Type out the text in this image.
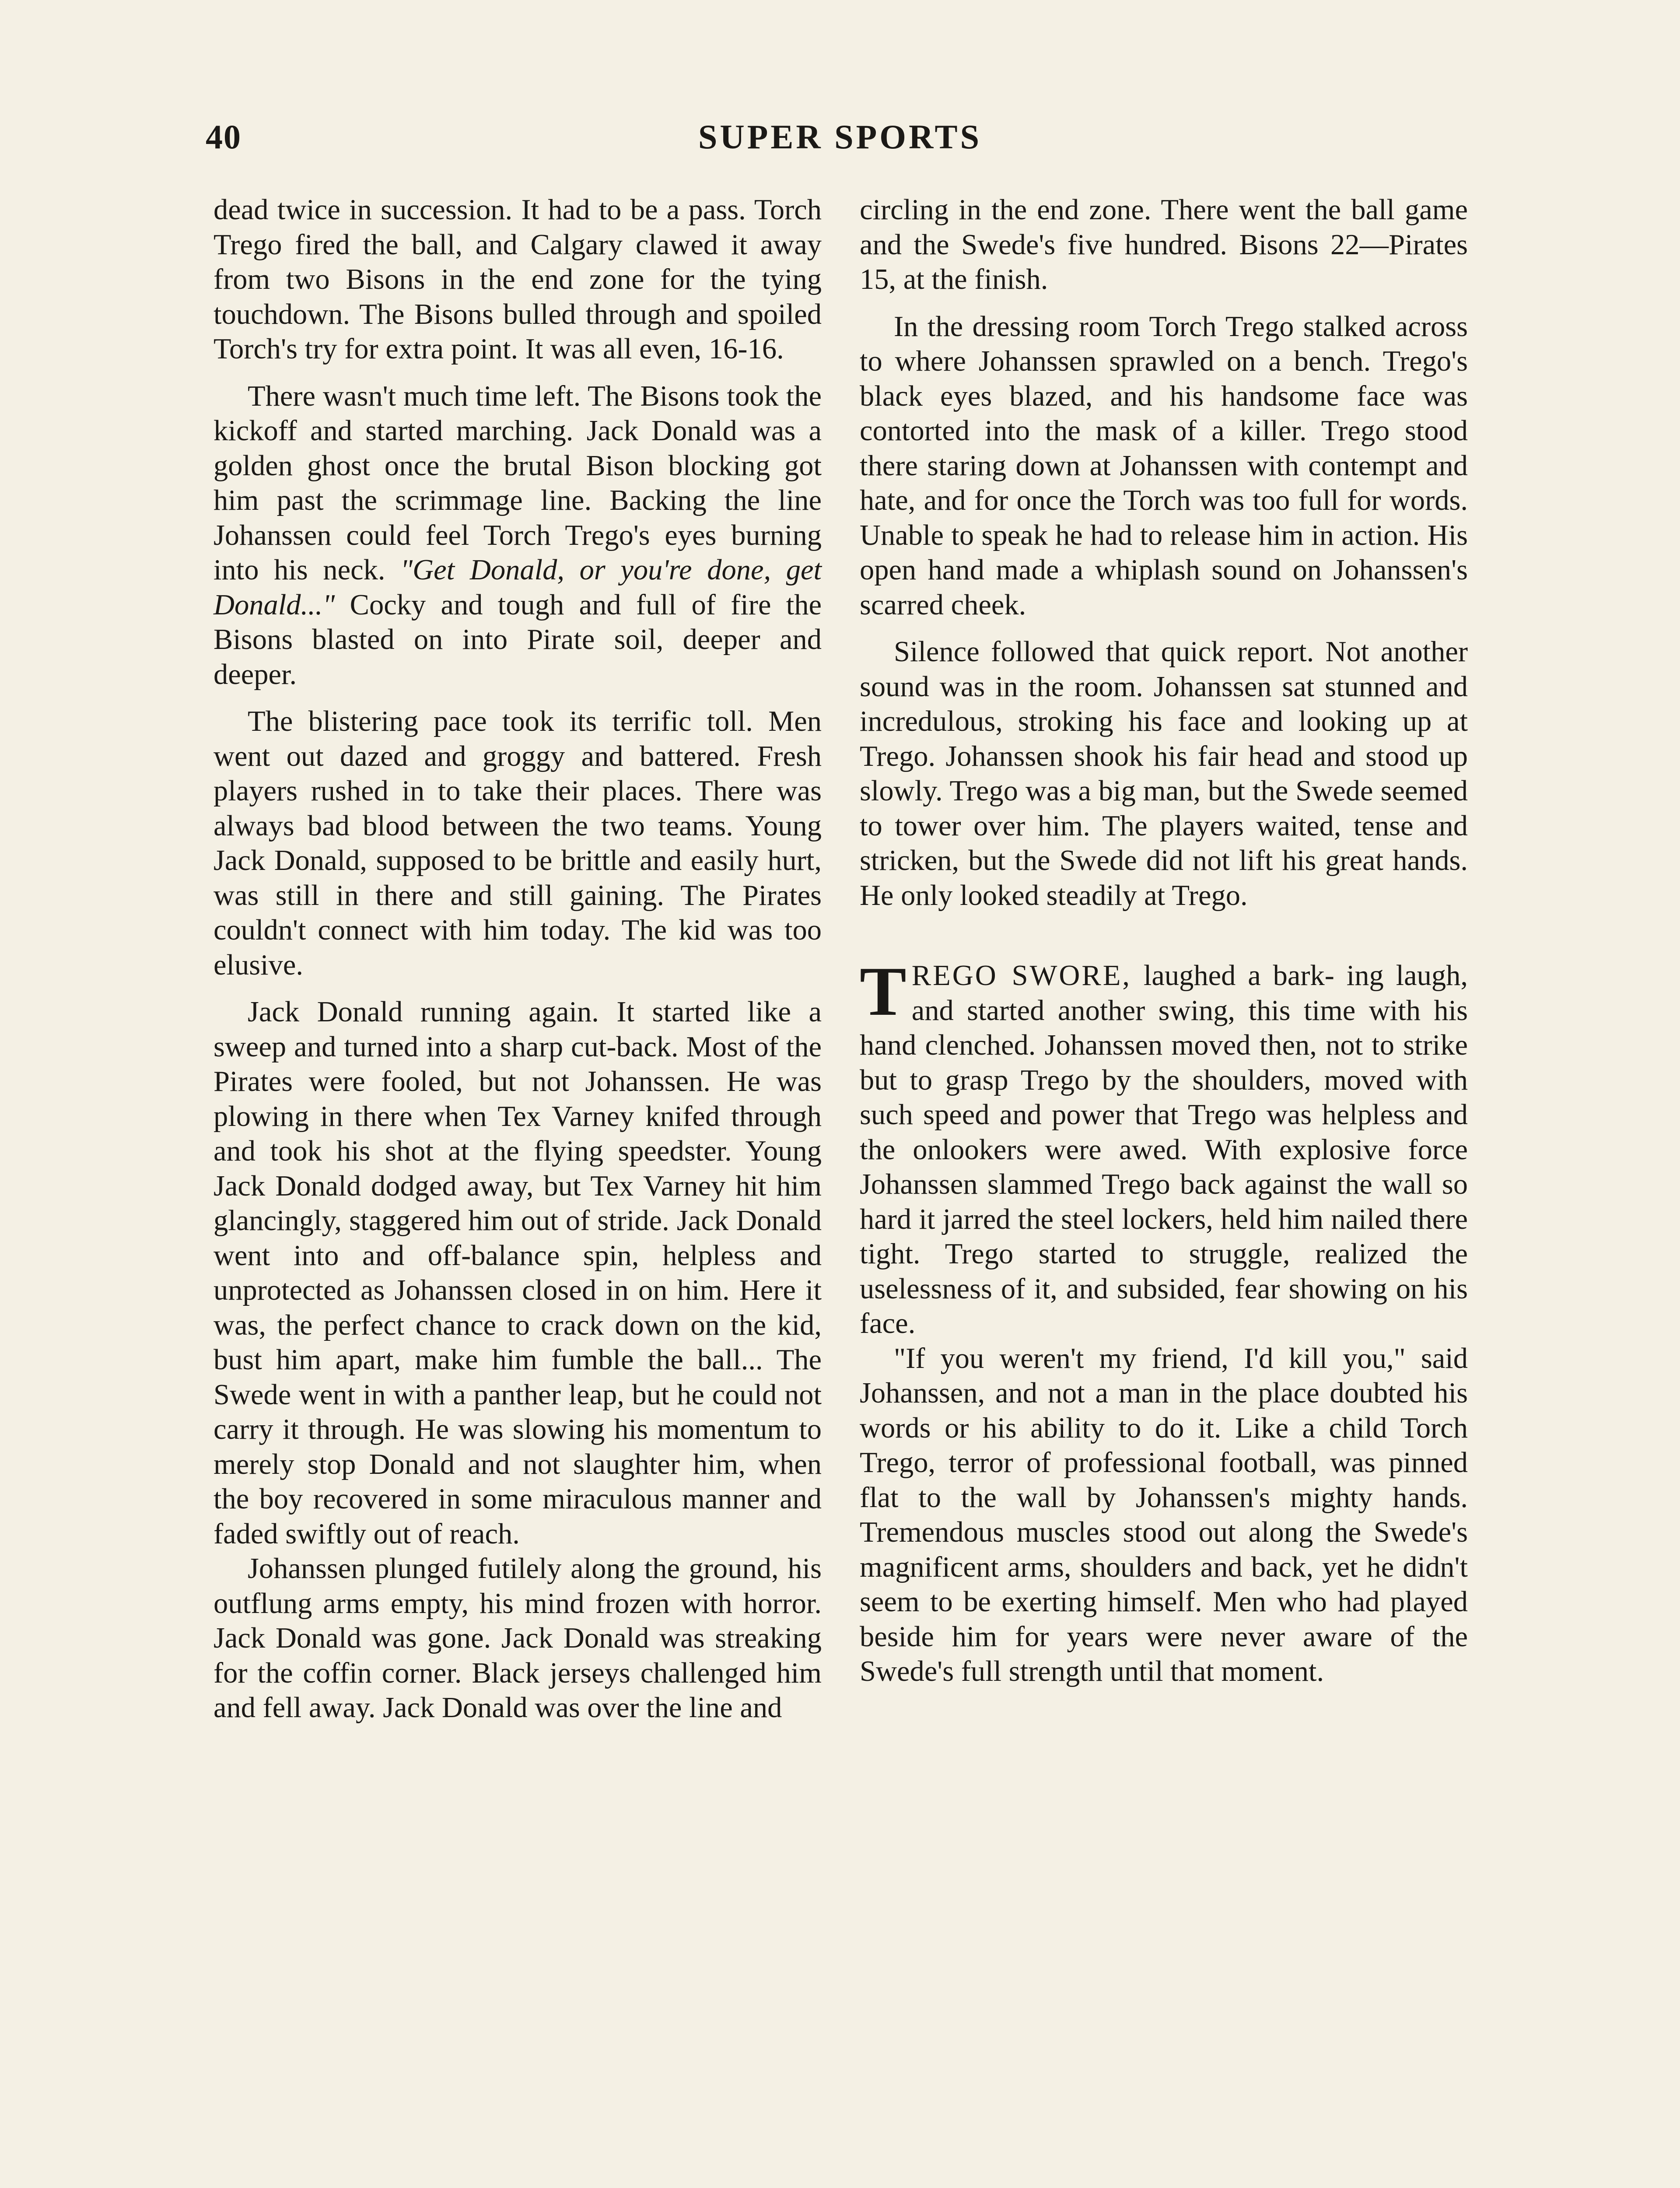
40	SUPER SPORTS

dead twice in succession. It had to be a pass. Torch Trego fired the ball, and Calgary clawed it away from two Bisons in the end zone for the tying touchdown. The Bisons bulled through and spoiled Torch's try for extra point. It was all even, 16-16.

There wasn't much time left. The Bisons took the kickoff and started marching. Jack Donald was a golden ghost once the brutal Bison blocking got him past the scrimmage line. Backing the line Johanssen could feel Torch Trego's eyes burning into his neck. "Get Donald, or you're done, get Donald..." Cocky and tough and full of fire the Bisons blasted on into Pirate soil, deeper and deeper.

The blistering pace took its terrific toll. Men went out dazed and groggy and battered. Fresh players rushed in to take their places. There was always bad blood between the two teams. Young Jack Donald, supposed to be brittle and easily hurt, was still in there and still gaining. The Pirates couldn't connect with him today. The kid was too elusive.

Jack Donald running again. It started like a sweep and turned into a sharp cut-back. Most of the Pirates were fooled, but not Johanssen. He was plowing in there when Tex Varney knifed through and took his shot at the flying speedster. Young Jack Donald dodged away, but Tex Varney hit him glancingly, staggered him out of stride. Jack Donald went into and off-balance spin, helpless and unprotected as Johanssen closed in on him. Here it was, the perfect chance to crack down on the kid, bust him apart, make him fumble the ball... The Swede went in with a panther leap, but he could not carry it through. He was slowing his momentum to merely stop Donald and not slaughter him, when the boy recovered in some miraculous manner and faded swiftly out of reach.

Johanssen plunged futilely along the ground, his outflung arms empty, his mind frozen with horror. Jack Donald was gone. Jack Donald was streaking for the coffin corner. Black jerseys challenged him and fell away. Jack Donald was over the line and

circling in the end zone. There went the ball game and the Swede's five hundred. Bisons 22—Pirates 15, at the finish.

In the dressing room Torch Trego stalked across to where Johanssen sprawled on a bench. Trego's black eyes blazed, and his handsome face was contorted into the mask of a killer. Trego stood there staring down at Johanssen with contempt and hate, and for once the Torch was too full for words. Unable to speak he had to release him in action. His open hand made a whiplash sound on Johanssen's scarred cheek.

Silence followed that quick report. Not another sound was in the room. Johanssen sat stunned and incredulous, stroking his face and looking up at Trego. Johanssen shook his fair head and stood up slowly. Trego was a big man, but the Swede seemed to tower over him. The players waited, tense and stricken, but the Swede did not lift his great hands. He only looked steadily at Trego.

TREGO SWORE, laughed a bark- ing laugh, and started another swing, this time with his hand clenched. Johanssen moved then, not to strike but to grasp Trego by the shoulders, moved with such speed and power that Trego was helpless and the onlookers were awed. With explosive force Johanssen slammed Trego back against the wall so hard it jarred the steel lockers, held him nailed there tight. Trego started to struggle, realized the uselessness of it, and subsided, fear showing on his face.

"If you weren't my friend, I'd kill you," said Johanssen, and not a man in the place doubted his words or his ability to do it. Like a child Torch Trego, terror of professional football, was pinned flat to the wall by Johanssen's mighty hands. Tremendous muscles stood out along the Swede's magnificent arms, shoulders and back, yet he didn't seem to be exerting himself. Men who had played beside him for years were never aware of the Swede's full strength until that moment.
